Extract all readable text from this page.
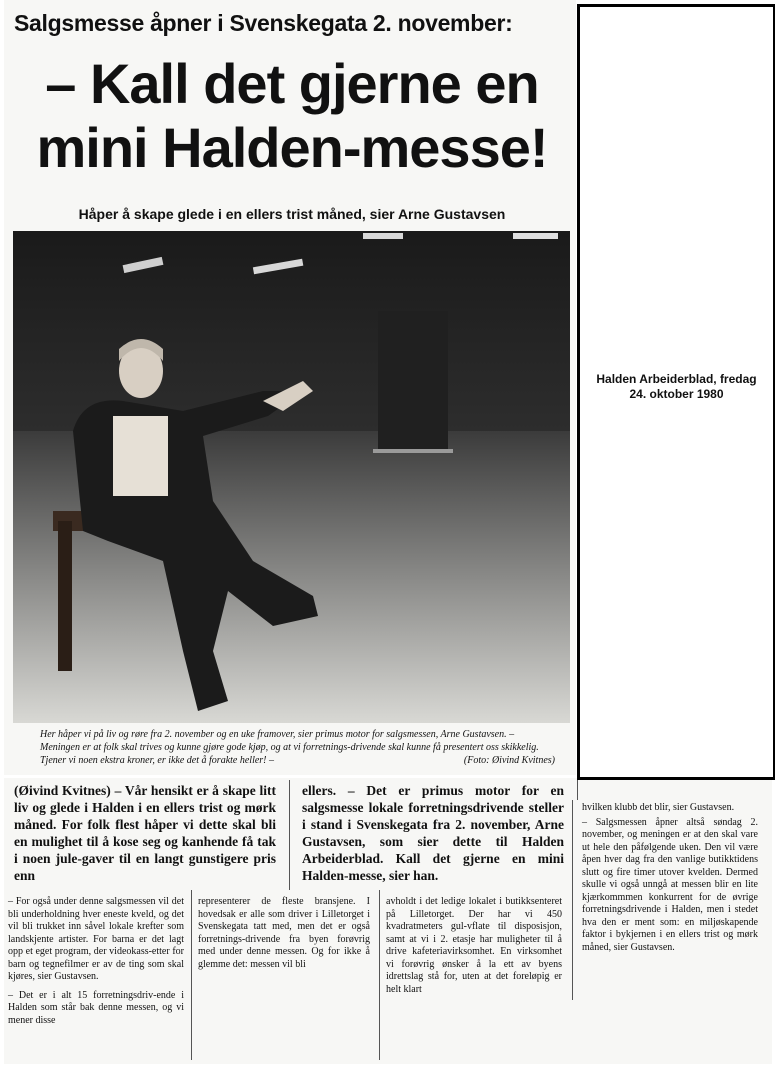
Salgsmesse åpner i Svenskegata 2. november:
– Kall det gjerne en
mini Halden-messe!
Håper å skape glede i en ellers trist måned, sier Arne Gustavsen
Her håper vi på liv og røre fra 2. november og en uke framover, sier primus motor for salgsmessen, Arne Gustavsen. – Meningen er at folk skal trives og kunne gjøre gode kjøp, og at vi forretnings-drivende skal kunne få presentert oss skikkelig. Tjener vi noen ekstra kroner, er ikke det å forakte heller! –	(Foto: Øivind Kvitnes)
Halden Arbeiderblad, fredag 24. oktober 1980
(Øivind Kvitnes) – Vår hensikt er å skape litt liv og glede i Halden i en ellers trist og mørk måned. For folk flest håper vi dette skal bli en mulighet til å kose seg og kanhende få tak i noen jule-gaver til en langt gunstigere pris enn
ellers. – Det er primus motor for en salgsmesse lokale forretningsdrivende steller i stand i Svenskegata fra 2. november, Arne Gustavsen, som sier dette til Halden Arbeiderblad. Kall det gjerne en mini Halden-messe, sier han.
hvilken klubb det blir, sier Gustavsen.
– Salgsmessen åpner altså søndag 2. november, og meningen er at den skal vare ut hele den påfølgende uken. Den vil være åpen hver dag fra den vanlige butikktidens slutt og fire timer utover kvelden. Dermed skulle vi også unngå at messen blir en lite kjærkommmen konkurrent for de øvrige forretningsdrivende i Halden, men i stedet hva den er ment som: en miljøskapende faktor i bykjernen i en ellers trist og mørk måned, sier Gustavsen.
– For også under denne salgsmessen vil det bli underholdning hver eneste kveld, og det vil bli trukket inn såvel lokale krefter som landskjente artister. For barna er det lagt opp et eget program, der videokass-etter for barn og tegnefilmer er av de ting som skal kjøres, sier Gustavsen.
– Det er i alt 15 forretningsdriv-ende i Halden som står bak denne messen, og vi mener disse
representerer de fleste bransjene. I hovedsak er alle som driver i Lilletorget i Svenskegata tatt med, men det er også forretnings-drivende fra byen forøvrig med under denne messen. Og for ikke å glemme det: messen vil bli
avholdt i det ledige lokalet i butikksenteret på Lilletorget. Der har vi 450 kvadratmeters gul-vflate til disposisjon, samt at vi i 2. etasje har muligheter til å drive kafeteriavirksomhet. En virksomhet vi forøvrig ønsker å la ett av byens idrettslag stå for, uten at det foreløpig er helt klart
